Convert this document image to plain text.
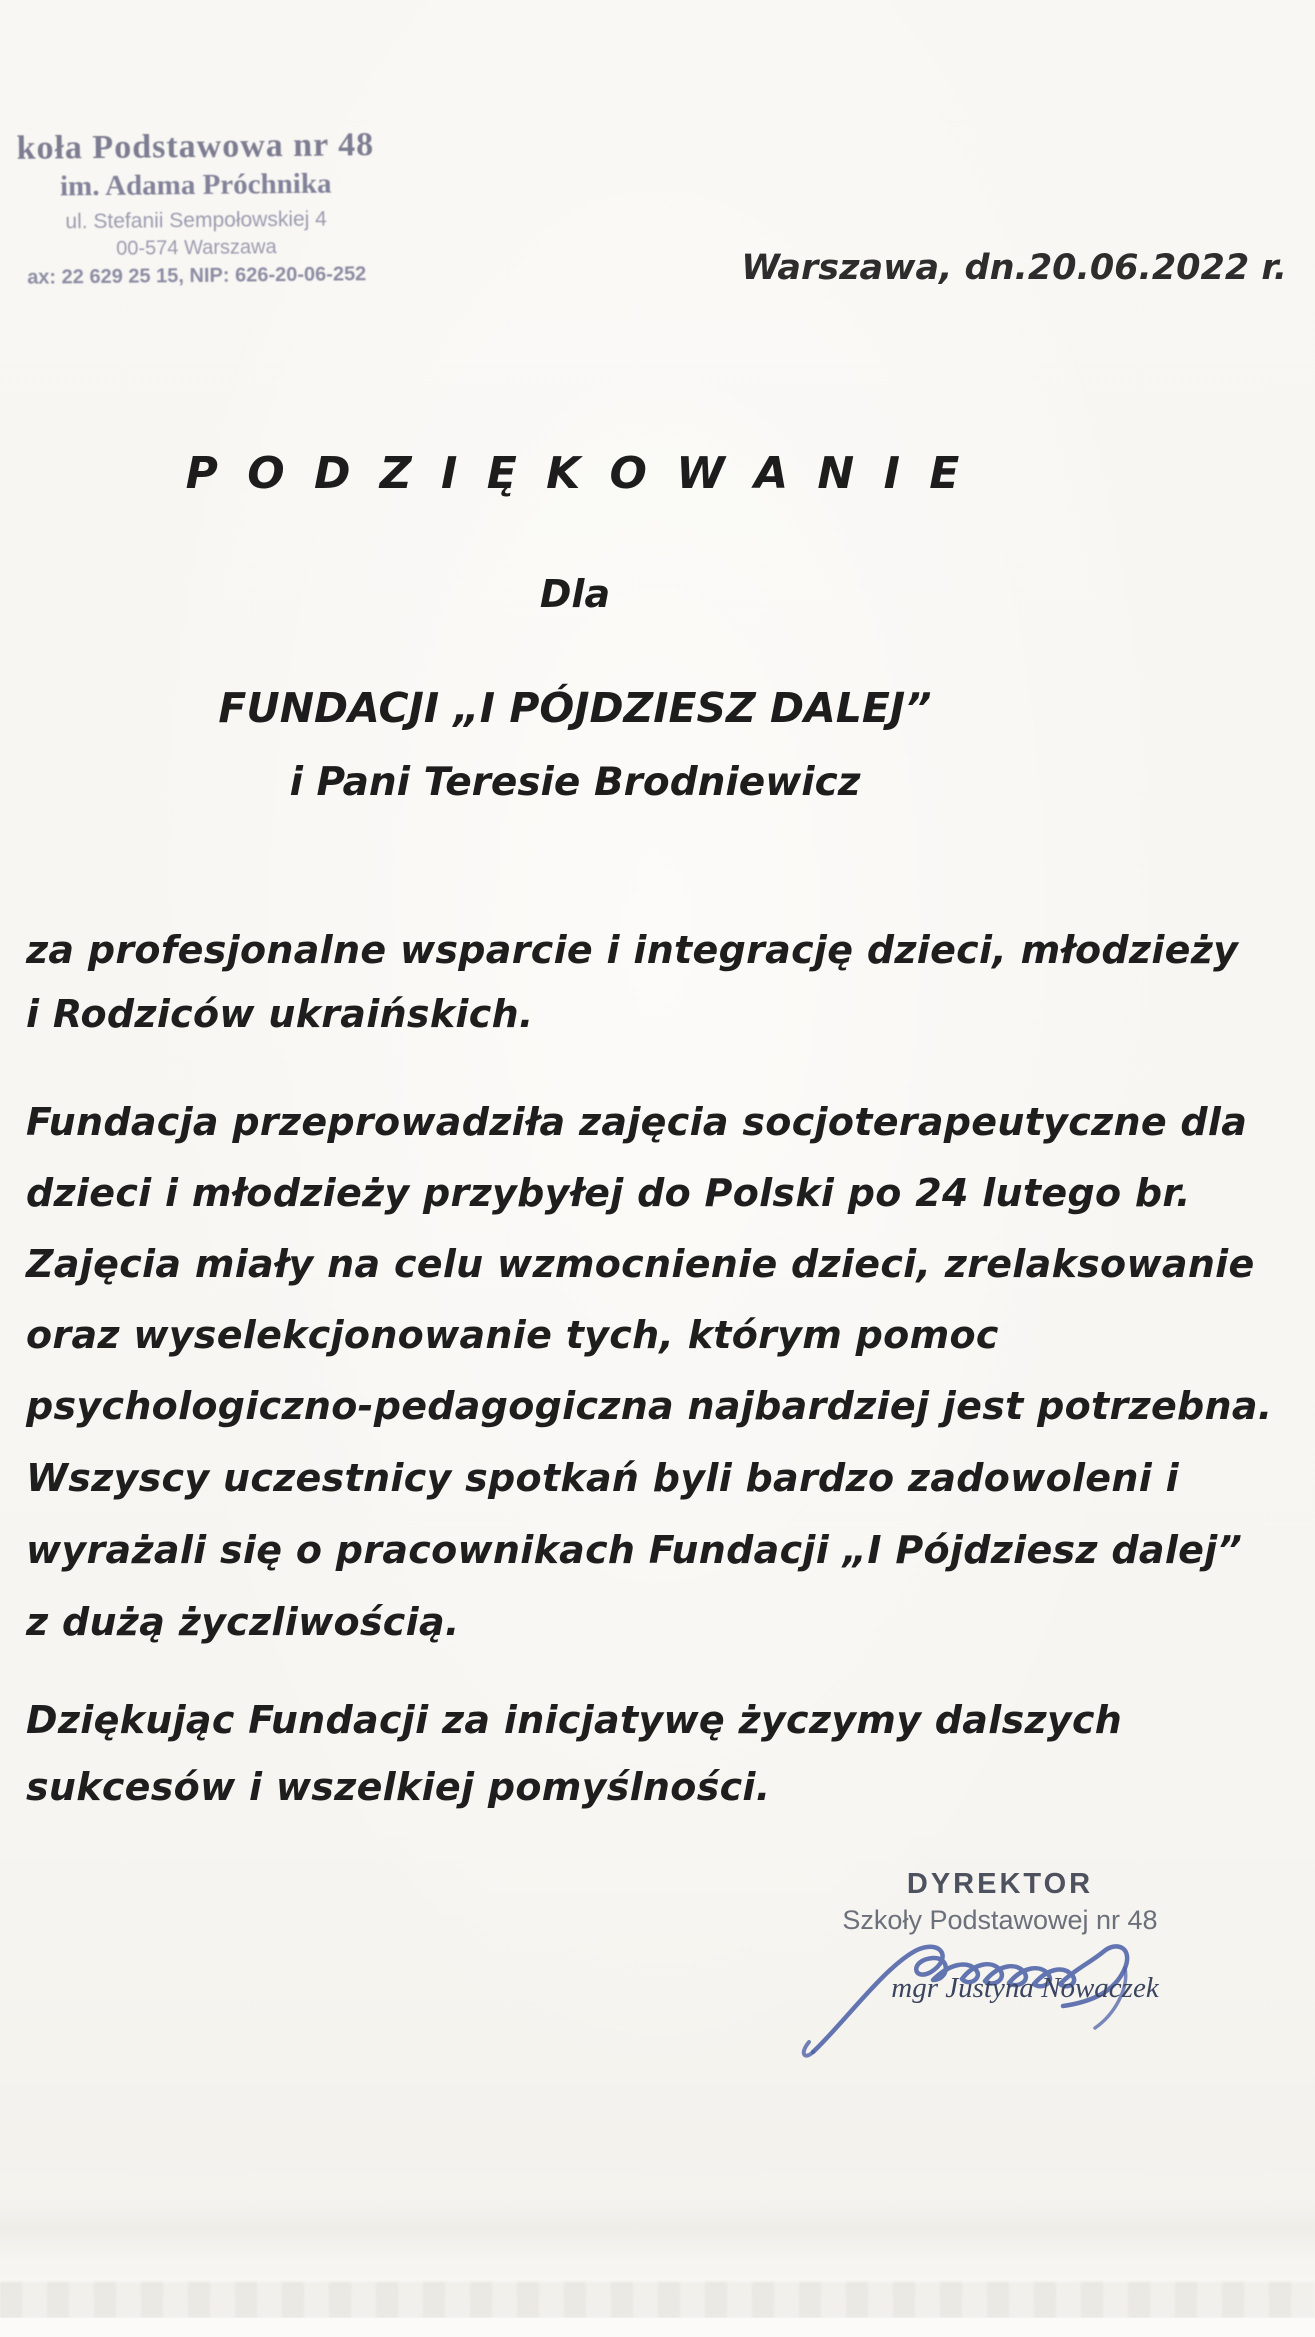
koła Podstawowa nr 48
im. Adama Próchnika
ul. Stefanii Sempołowskiej 4
00-574 Warszawa
ax: 22 629 25 15, NIP: 626-20-06-252	Warszawa, dn.20.06.2022 r.
P O D Z I Ę K O W A N I E
Dla
FUNDACJI „I PÓJDZIESZ DALEJ”
i Pani Teresie Brodniewicz
za profesjonalne wsparcie i integrację dzieci, młodzieży
i Rodziców ukraińskich.
Fundacja przeprowadziła zajęcia socjoterapeutyczne dla
dzieci i młodzieży przybyłej do Polski po 24 lutego br.
Zajęcia miały na celu wzmocnienie dzieci, zrelaksowanie
oraz wyselekcjonowanie tych, którym pomoc
psychologiczno-pedagogiczna najbardziej jest potrzebna.
Wszyscy uczestnicy spotkań byli bardzo zadowoleni i
wyrażali się o pracownikach Fundacji „I Pójdziesz dalej”
z dużą życzliwością.
Dziękując Fundacji za inicjatywę życzymy dalszych
sukcesów i wszelkiej pomyślności.
DYREKTOR
Szkoły Podstawowej nr 48
mgr Justyna Nowaczek
